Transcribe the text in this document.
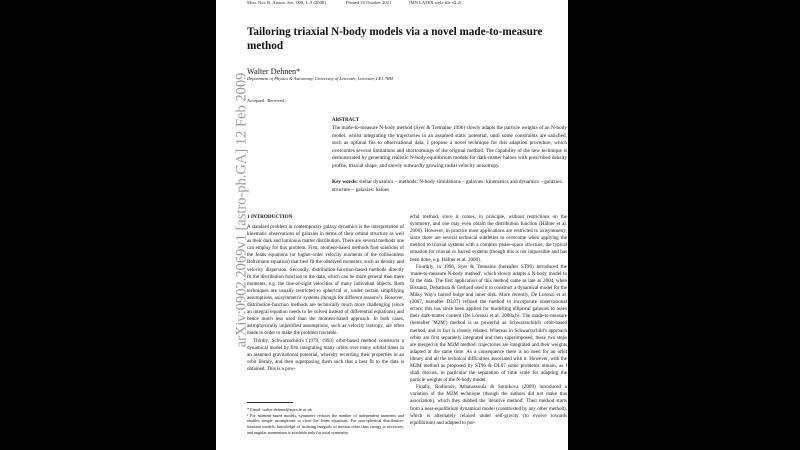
Mon. Not. R. Astron. Soc. 000, 1–9 (2008)	Printed 25 October 2021	(MN LATEX style file v2.2)
Tailoring triaxial N-body models via a novel made-to-measure method
Walter Dehnen*
Department of Physics & Astronomy, University of Leicester, Leicester, LE1 7RH
Accepted . Received ;
ABSTRACT

The made-to-measure N-body method (Syer & Tremaine 1996) slowly adapts the particle weights of an N-body model, whilst integrating the trajectories in an assumed static potential, until some constraints are satisfied, such as optimal fits to observational data. I propose a novel technique for this adaption procedure, which overcomes several limitations and shortcomings of the original method. The capability of the new technique is demonstrated by generating realistic N-body equilibrium models for dark-matter haloes with prescribed density profile, triaxial shape, and slowly outwardly growing radial velocity anisotropy.

Key words: stellar dynamics – methods: N-body simulations – galaxies: kinematics and dynamics – galaxies: structure – galaxies: haloes

1 INTRODUCTION

A standard problem in contemporary galaxy dynamics is the interpretation of kinematic observations of galaxies in terms of their orbital structure as well as their dark and luminous matter distribution. There are several methods one can employ for this problem. First, moment-based methods find solutions of the Jeans equations (or higher-order velocity moments of the collisionless Boltzmann equation) that best fit the observed moments, such as density and velocity dispersion. Secondly, distribution-function-based methods directly fit the distribution function to the data, which can be more general than mere moments, e.g. the line-of-sight velocities of many individual objects. Both techniques are usually restricted to spherical or, under certain simplifying assumptions, axisymmetric systems (though for different reasons¹). However, distribution-function methods are technically much more challenging (since an integral equation needs to be solved instead of differential equations) and hence much less used than the moment-based approach. In both cases, astrophysically unjustified assumptions, such as velocity isotropy, are often made in order to make the problem tractable.

Thirdly, Schwarzschild's (1979, 1993) orbit-based method constructs a dynamical model by first integrating many orbits over many orbital times in an assumed gravitational potential, whereby recording their properties in an orbit library, and then superposing them such that a best fit to the data is obtained. This is a pow-

erful method, since it comes, in principle, without restrictions on the symmetry, and one may even obtain the distribution function (Häfner et al. 2000). However, in practice most applications are restricted to axisymmetry, since there are several technical subtleties to overcome when applying the method to triaxial systems with a complex phase-space structure, the typical situation for triaxial or barred systems (though this is not impossible and has been done, e.g. Häfner et al. 2000).

Fourthly, in 1996, Syer & Tremaine (hereafter ST96) introduced the 'made-to-measure N-body method', which slowly adapts a N-body model to fit the data. The first application of this method came as late as 2004, when Bissantz, Debattista & Gerhard used it to construct a dynamical model for the Milky Way's barred bulge and inner disk. More recently, De Lorenzi et al. (2007, hereafter DL07) refined the method to incorporate observational errors; this has since been applied for modelling elliptical galaxies to asses their dark-matter content (De Lorenzi et al. 2008a,b). The made-to-measure (hereafter 'M2M') method is as powerful as Schwarzschild's orbit-based method, and in fact is closely related. Whereas in Schwarzschild's approach orbits are first separately integrated and then superimposed, these two steps are merged in the M2M method: trajectories are integrated and their weights adapted at the same time. As a consequence there is no need for an orbit library and all the technical difficulties associated with it. However, with the M2M method as proposed by ST96 & DL07 some problems remain, as I shall discuss, in particular the separation of time scale for adapting the particle weights of the N-body model.

Finally, Rodionov, Athanassoula & Sotnikova (2009) introduced a variation of the M2M technique (though the authors did not make this association), which they dubbed the 'iterative method'. Their method starts from a near-equilibrium dynamical model (constructed by any other method), which is alternately relaxed under self-gravity (to evolve towards equilibrium) and adapted to pre-

* Email: walter.dehnen@astro.le.ac.uk

¹ For moment-based models, symmetry reduces the number of independent moments and enables simple assumptions to close the Jeans equations. For non-spherical distribution-function models, knowledge of isolating integrals of motion other than energy is necessary, and angular momentum is available only for axial symmetry.

arXiv:0902.2069v1 [astro-ph.GA] 12 Feb 2009
